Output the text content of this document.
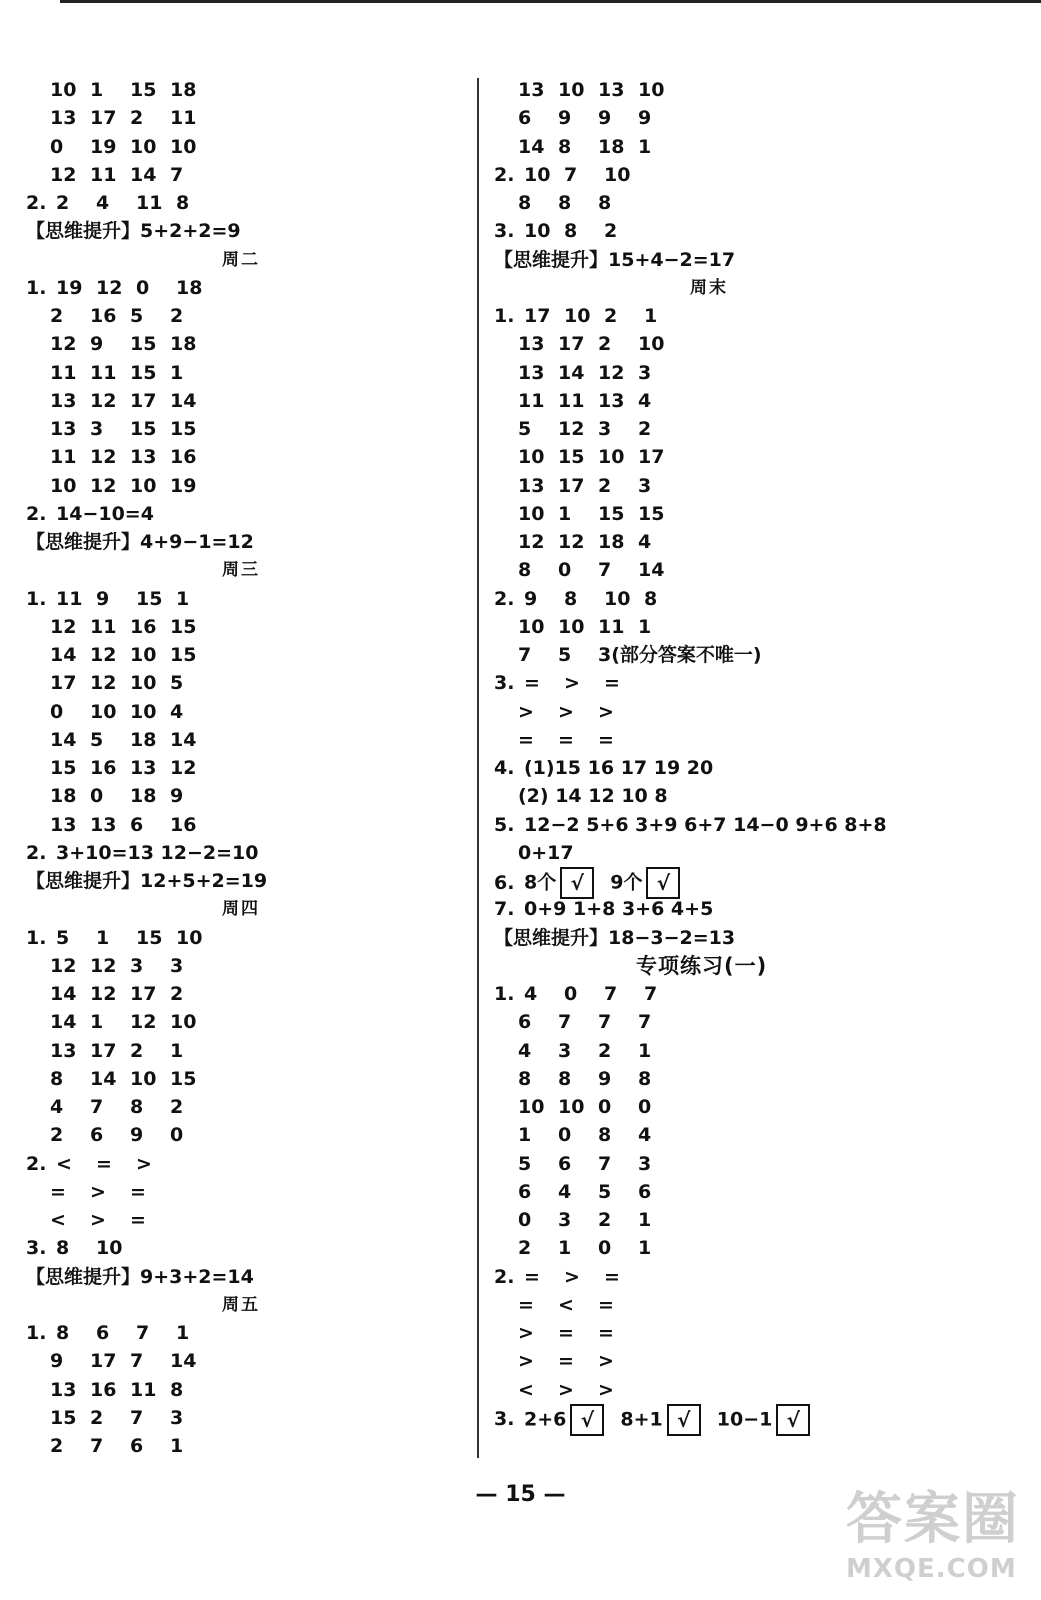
10 1 15 18
13 17 2 11
0 19 10 10
12 11 14 7
2. 2 4 11 8
【思维提升】5+2+2=9
周二
1. 19 12 0 18
2 16 5 2
12 9 15 18
11 11 15 1
13 12 17 14
13 3 15 15
11 12 13 16
10 12 10 19
2. 14−10=4
【思维提升】4+9−1=12
周三
1. 11 9 15 1
12 11 16 15
14 12 10 15
17 12 10 5
0 10 10 4
14 5 18 14
15 16 13 12
18 0 18 9
13 13 6 16
2. 3+10=13 12−2=10
【思维提升】12+5+2=19
周四
1. 5 1 15 10
12 12 3 3
14 12 17 2
14 1 12 10
13 17 2 1
8 14 10 15
4 7 8 2
2 6 9 0
2. < = >
= > =
< > =
3. 8 10
【思维提升】9+3+2=14
周五
1. 8 6 7 1
9 17 7 14
13 16 11 8
15 2 7 3
2 7 6 1
13 10 13 10
6 9 9 9
14 8 18 1
2. 10 7 10
8 8 8
3. 10 8 2
【思维提升】15+4−2=17
周末
1. 17 10 2 1
13 17 2 10
13 14 12 3
11 11 13 4
5 12 3 2
10 15 10 17
13 17 2 3
10 1 15 15
12 12 18 4
8 0 7 14
2. 9 8 10 8
10 10 11 1
7 5 3(部分答案不唯一)
3. = > =
> > >
= = =
4. (1)15 16 17 19 20
(2) 14 12 10 8
5. 12−2 5+6 3+9 6+7 14−0 9+6 8+8
0+17
6. 8个 √ 9个 √
7. 0+9 1+8 3+6 4+5
【思维提升】18−3−2=13
专项练习(一)
1. 4 0 7 7
6 7 7 7
4 3 2 1
8 8 9 8
10 10 0 0
1 0 8 4
5 6 7 3
6 4 5 6
0 3 2 1
2 1 0 1
2. = > =
= < =
> = =
> = >
< > >
3. 2+6 √ 8+1 √ 10−1 √
— 15 —	答案圈
MXQE.COM
